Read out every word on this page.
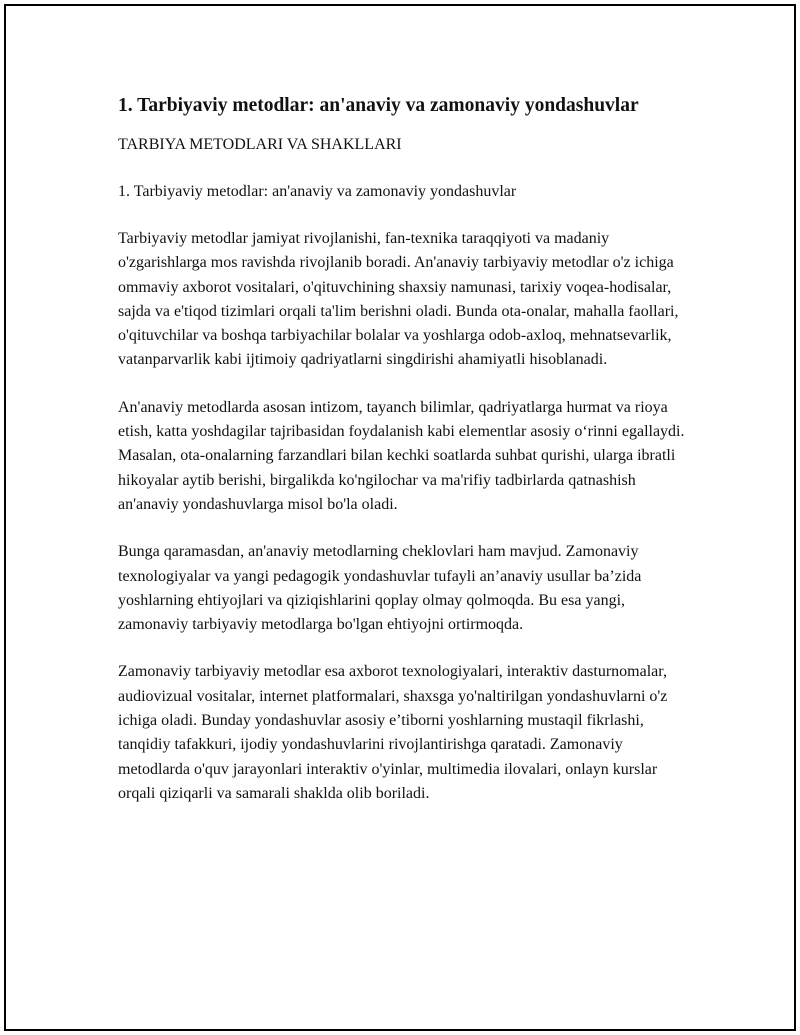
1. Tarbiyaviy metodlar: an'anaviy va zamonaviy yondashuvlar
TARBIYA METODLARI VA SHAKLLARI
1. Tarbiyaviy metodlar: an'anaviy va zamonaviy yondashuvlar

Tarbiyaviy metodlar jamiyat rivojlanishi, fan-texnika taraqqiyoti va madaniy o'zgarishlarga mos ravishda rivojlanib boradi. An'anaviy tarbiyaviy metodlar o'z ichiga ommaviy axborot vositalari, o'qituvchining shaxsiy namunasi, tarixiy voqea-hodisalar, sajda va e'tiqod tizimlari orqali ta'lim berishni oladi. Bunda ota-onalar, mahalla faollari, o'qituvchilar va boshqa tarbiyachilar bolalar va yoshlarga odob-axloq, mehnatsevarlik, vatanparvarlik kabi ijtimoiy qadriyatlarni singdirishi ahamiyatli hisoblanadi.

An'anaviy metodlarda asosan intizom, tayanch bilimlar, qadriyatlarga hurmat va rioya etish, katta yoshdagilar tajribasidan foydalanish kabi elementlar asosiy o‘rinni egallaydi. Masalan, ota-onalarning farzandlari bilan kechki soatlarda suhbat qurishi, ularga ibratli hikoyalar aytib berishi, birgalikda ko'ngilochar va ma'rifiy tadbirlarda qatnashish an'anaviy yondashuvlarga misol bo'la oladi.

Bunga qaramasdan, an'anaviy metodlarning cheklovlari ham mavjud. Zamonaviy texnologiyalar va yangi pedagogik yondashuvlar tufayli an’anaviy usullar ba’zida yoshlarning ehtiyojlari va qiziqishlarini qoplay olmay qolmoqda. Bu esa yangi, zamonaviy tarbiyaviy metodlarga bo'lgan ehtiyojni ortirmoqda.

Zamonaviy tarbiyaviy metodlar esa axborot texnologiyalari, interaktiv dasturnomalar, audiovizual vositalar, internet platformalari, shaxsga yo'naltirilgan yondashuvlarni o'z ichiga oladi. Bunday yondashuvlar asosiy e’tiborni yoshlarning mustaqil fikrlashi, tanqidiy tafakkuri, ijodiy yondashuvlarini rivojlantirishga qaratadi. Zamonaviy metodlarda o'quv jarayonlari interaktiv o'yinlar, multimedia ilovalari, onlayn kurslar orqali qiziqarli va samarali shaklda olib boriladi.
